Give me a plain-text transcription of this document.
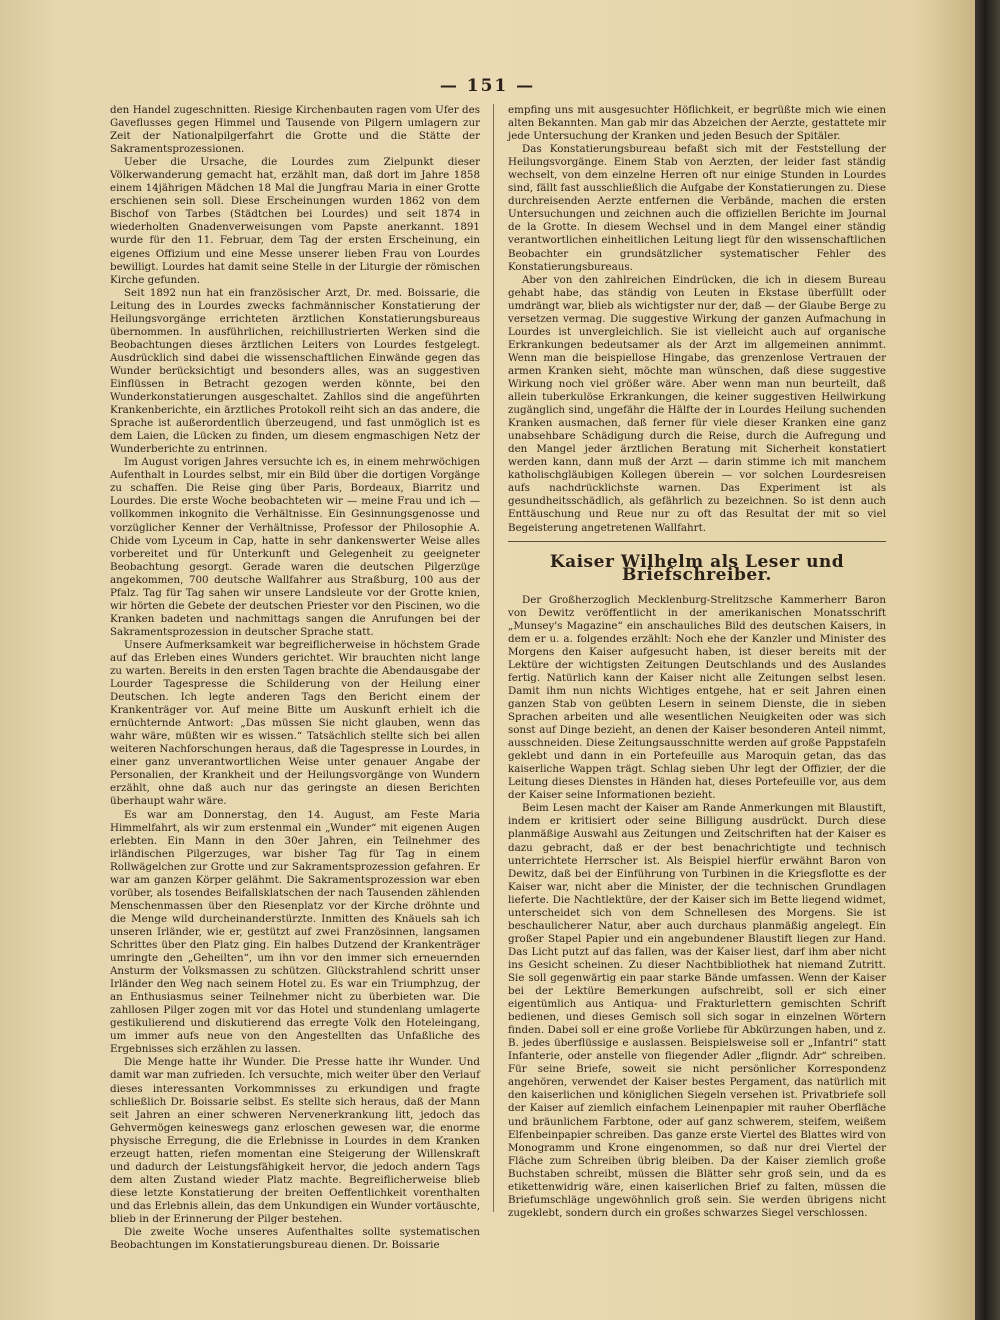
— 151 —

den Handel zugeschnitten. Riesige Kirchenbauten ragen vom Ufer des Gaveflusses gegen Himmel und Tausende von Pilgern umlagern zur Zeit der Nationalpilgerfahrt die Grotte und die Stätte der Sakramentsprozessionen.

Ueber die Ursache, die Lourdes zum Zielpunkt dieser Völkerwanderung gemacht hat, erzählt man, daß dort im Jahre 1858 einem 14jährigen Mädchen 18 Mal die Jungfrau Maria in einer Grotte erschienen sein soll. Diese Erscheinungen wurden 1862 von dem Bischof von Tarbes (Städtchen bei Lourdes) und seit 1874 in wiederholten Gnadenverweisungen vom Papste anerkannt. 1891 wurde für den 11. Februar, dem Tag der ersten Erscheinung, ein eigenes Offizium und eine Messe unserer lieben Frau von Lourdes bewilligt. Lourdes hat damit seine Stelle in der Liturgie der römischen Kirche gefunden.

Seit 1892 nun hat ein französischer Arzt, Dr. med. Boissarie, die Leitung des in Lourdes zwecks fachmännischer Konstatierung der Heilungsvorgänge errichteten ärztlichen Konstatierungsbureaus übernommen. In ausführlichen, reichillustrierten Werken sind die Beobachtungen dieses ärztlichen Leiters von Lourdes festgelegt. Ausdrücklich sind dabei die wissenschaftlichen Einwände gegen das Wunder berücksichtigt und besonders alles, was an suggestiven Einflüssen in Betracht gezogen werden könnte, bei den Wunderkonstatierungen ausgeschaltet. Zahllos sind die angeführten Krankenberichte, ein ärztliches Protokoll reiht sich an das andere, die Sprache ist außerordentlich überzeugend, und fast unmöglich ist es dem Laien, die Lücken zu finden, um diesem engmaschigen Netz der Wunderberichte zu entrinnen.

Im August vorigen Jahres versuchte ich es, in einem mehrwöchigen Aufenthalt in Lourdes selbst, mir ein Bild über die dortigen Vorgänge zu schaffen. Die Reise ging über Paris, Bordeaux, Biarritz und Lourdes. Die erste Woche beobachteten wir — meine Frau und ich — vollkommen inkognito die Verhältnisse. Ein Gesinnungsgenosse und vorzüglicher Kenner der Verhältnisse, Professor der Philosophie A. Chide vom Lyceum in Cap, hatte in sehr dankenswerter Weise alles vorbereitet und für Unterkunft und Gelegenheit zu geeigneter Beobachtung gesorgt. Gerade waren die deutschen Pilgerzüge angekommen, 700 deutsche Wallfahrer aus Straßburg, 100 aus der Pfalz. Tag für Tag sahen wir unsere Landsleute vor der Grotte knien, wir hörten die Gebete der deutschen Priester vor den Piscinen, wo die Kranken badeten und nachmittags sangen die Anrufungen bei der Sakramentsprozession in deutscher Sprache statt.

Unsere Aufmerksamkeit war begreiflicherweise in höchstem Grade auf das Erleben eines Wunders gerichtet. Wir brauchten nicht lange zu warten. Bereits in den ersten Tagen brachte die Abendausgabe der Lourder Tagespresse die Schilderung von der Heilung einer Deutschen. Ich legte anderen Tags den Bericht einem der Krankenträger vor. Auf meine Bitte um Auskunft erhielt ich die ernüchternde Antwort: „Das müssen Sie nicht glauben, wenn das wahr wäre, müßten wir es wissen.“ Tatsächlich stellte sich bei allen weiteren Nachforschungen heraus, daß die Tagespresse in Lourdes, in einer ganz unverantwortlichen Weise unter genauer Angabe der Personalien, der Krankheit und der Heilungsvorgänge von Wundern erzählt, ohne daß auch nur das geringste an diesen Berichten überhaupt wahr wäre.

Es war am Donnerstag, den 14. August, am Feste Maria Himmelfahrt, als wir zum erstenmal ein „Wunder“ mit eigenen Augen erlebten. Ein Mann in den 30er Jahren, ein Teilnehmer des irländischen Pilgerzuges, war bisher Tag für Tag in einem Rollwägelchen zur Grotte und zur Sakramentsprozession gefahren. Er war am ganzen Körper gelähmt. Die Sakramentsprozession war eben vorüber, als tosendes Beifallsklatschen der nach Tausenden zählenden Menschenmassen über den Riesenplatz vor der Kirche dröhnte und die Menge wild durcheinanderstürzte. Inmitten des Knäuels sah ich unseren Irländer, wie er, gestützt auf zwei Französinnen, langsamen Schrittes über den Platz ging. Ein halbes Dutzend der Krankenträger umringte den „Geheilten“, um ihn vor den immer sich erneuernden Ansturm der Volksmassen zu schützen. Glückstrahlend schritt unser Irländer den Weg nach seinem Hotel zu. Es war ein Triumphzug, der an Enthusiasmus seiner Teilnehmer nicht zu überbieten war. Die zahllosen Pilger zogen mit vor das Hotel und stundenlang umlagerte gestikulierend und diskutierend das erregte Volk den Hoteleingang, um immer aufs neue von den Angestellten das Unfaßliche des Ergebnisses sich erzählen zu lassen.

Die Menge hatte ihr Wunder. Die Presse hatte ihr Wunder. Und damit war man zufrieden. Ich versuchte, mich weiter über den Verlauf dieses interessanten Vorkommnisses zu erkundigen und fragte schließlich Dr. Boissarie selbst. Es stellte sich heraus, daß der Mann seit Jahren an einer schweren Nervenerkrankung litt, jedoch das Gehvermögen keineswegs ganz erloschen gewesen war, die enorme physische Erregung, die die Erlebnisse in Lourdes in dem Kranken erzeugt hatten, riefen momentan eine Steigerung der Willenskraft und dadurch der Leistungsfähigkeit hervor, die jedoch andern Tags dem alten Zustand wieder Platz machte. Begreiflicherweise blieb diese letzte Konstatierung der breiten Oeffentlichkeit vorenthalten und das Erlebnis allein, das dem Unkundigen ein Wunder vortäuschte, blieb in der Erinnerung der Pilger bestehen.

Die zweite Woche unseres Aufenthaltes sollte systematischen Beobachtungen im Konstatierungsbureau dienen. Dr. Boissarie

empfing uns mit ausgesuchter Höflichkeit, er begrüßte mich wie einen alten Bekannten. Man gab mir das Abzeichen der Aerzte, gestattete mir jede Untersuchung der Kranken und jeden Besuch der Spitäler.

Das Konstatierungsbureau befaßt sich mit der Feststellung der Heilungsvorgänge. Einem Stab von Aerzten, der leider fast ständig wechselt, von dem einzelne Herren oft nur einige Stunden in Lourdes sind, fällt fast ausschließlich die Aufgabe der Konstatierungen zu. Diese durchreisenden Aerzte entfernen die Verbände, machen die ersten Untersuchungen und zeichnen auch die offiziellen Berichte im Journal de la Grotte. In diesem Wechsel und in dem Mangel einer ständig verantwortlichen einheitlichen Leitung liegt für den wissenschaftlichen Beobachter ein grundsätzlicher systematischer Fehler des Konstatierungsbureaus.

Aber von den zahlreichen Eindrücken, die ich in diesem Bureau gehabt habe, das ständig von Leuten in Ekstase überfüllt oder umdrängt war, blieb als wichtigster nur der, daß — der Glaube Berge zu versetzen vermag. Die suggestive Wirkung der ganzen Aufmachung in Lourdes ist unvergleichlich. Sie ist vielleicht auch auf organische Erkrankungen bedeutsamer als der Arzt im allgemeinen annimmt. Wenn man die beispiellose Hingabe, das grenzenlose Vertrauen der armen Kranken sieht, möchte man wünschen, daß diese suggestive Wirkung noch viel größer wäre. Aber wenn man nun beurteilt, daß allein tuberkulöse Erkrankungen, die keiner suggestiven Heilwirkung zugänglich sind, ungefähr die Hälfte der in Lourdes Heilung suchenden Kranken ausmachen, daß ferner für viele dieser Kranken eine ganz unabsehbare Schädigung durch die Reise, durch die Aufregung und den Mangel jeder ärztlichen Beratung mit Sicherheit konstatiert werden kann, dann muß der Arzt — darin stimme ich mit manchem katholischgläubigen Kollegen überein — vor solchen Lourdesreisen aufs nachdrücklichste warnen. Das Experiment ist als gesundheitsschädlich, als gefährlich zu bezeichnen. So ist denn auch Enttäuschung und Reue nur zu oft das Resultat der mit so viel Begeisterung angetretenen Wallfahrt.

Kaiser Wilhelm als Leser und Briefschreiber.

Der Großherzoglich Mecklenburg-Strelitzsche Kammerherr Baron von Dewitz veröffentlicht in der amerikanischen Monatsschrift „Munsey's Magazine“ ein anschauliches Bild des deutschen Kaisers, in dem er u. a. folgendes erzählt: Noch ehe der Kanzler und Minister des Morgens den Kaiser aufgesucht haben, ist dieser bereits mit der Lektüre der wichtigsten Zeitungen Deutschlands und des Auslandes fertig. Natürlich kann der Kaiser nicht alle Zeitungen selbst lesen. Damit ihm nun nichts Wichtiges entgehe, hat er seit Jahren einen ganzen Stab von geübten Lesern in seinem Dienste, die in sieben Sprachen arbeiten und alle wesentlichen Neuigkeiten oder was sich sonst auf Dinge bezieht, an denen der Kaiser besonderen Anteil nimmt, ausschneiden. Diese Zeitungsausschnitte werden auf große Pappstafeln geklebt und dann in ein Portefeuille aus Maroquin getan, das das kaiserliche Wappen trägt. Schlag sieben Uhr legt der Offizier, der die Leitung dieses Dienstes in Händen hat, dieses Portefeuille vor, aus dem der Kaiser seine Informationen bezieht.

Beim Lesen macht der Kaiser am Rande Anmerkungen mit Blaustift, indem er kritisiert oder seine Billigung ausdrückt. Durch diese planmäßige Auswahl aus Zeitungen und Zeitschriften hat der Kaiser es dazu gebracht, daß er der best benachrichtigte und technisch unterrichtete Herrscher ist. Als Beispiel hierfür erwähnt Baron von Dewitz, daß bei der Einführung von Turbinen in die Kriegsflotte es der Kaiser war, nicht aber die Minister, der die technischen Grundlagen lieferte. Die Nachtlektüre, der der Kaiser sich im Bette liegend widmet, unterscheidet sich von dem Schnellesen des Morgens. Sie ist beschaulicherer Natur, aber auch durchaus planmäßig angelegt. Ein großer Stapel Papier und ein angebundener Blaustift liegen zur Hand. Das Licht putzt auf das fallen, was der Kaiser liest, darf ihm aber nicht ins Gesicht scheinen. Zu dieser Nachtbibliothek hat niemand Zutritt. Sie soll gegenwärtig ein paar starke Bände umfassen. Wenn der Kaiser bei der Lektüre Bemerkungen aufschreibt, soll er sich einer eigentümlich aus Antiqua- und Frakturlettern gemischten Schrift bedienen, und dieses Gemisch soll sich sogar in einzelnen Wörtern finden. Dabei soll er eine große Vorliebe für Abkürzungen haben, und z. B. jedes überflüssige e auslassen. Beispielsweise soll er „Infantri“ statt Infanterie, oder anstelle von fliegender Adler „fligndr. Adr“ schreiben. Für seine Briefe, soweit sie nicht persönlicher Korrespondenz angehören, verwendet der Kaiser bestes Pergament, das natürlich mit den kaiserlichen und königlichen Siegeln versehen ist. Privatbriefe soll der Kaiser auf ziemlich einfachem Leinenpapier mit rauher Oberfläche und bräunlichem Farbtone, oder auf ganz schwerem, steifem, weißem Elfenbeinpapier schreiben. Das ganze erste Viertel des Blattes wird von Monogramm und Krone eingenommen, so daß nur drei Viertel der Fläche zum Schreiben übrig bleiben. Da der Kaiser ziemlich große Buchstaben schreibt, müssen die Blätter sehr groß sein, und da es etikettenwidrig wäre, einen kaiserlichen Brief zu falten, müssen die Briefumschläge ungewöhnlich groß sein. Sie werden übrigens nicht zugeklebt, sondern durch ein großes schwarzes Siegel verschlossen.
